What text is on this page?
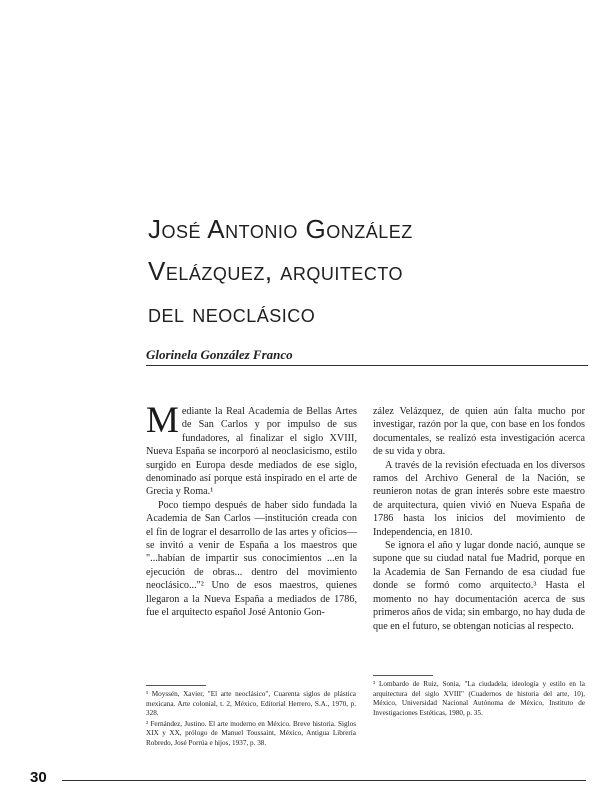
José Antonio González
Velázquez, arquitecto
del neoclásico
Glorinela González Franco

Mediante la Real Academia de Bellas Artes de San Carlos y por impulso de sus fundadores, al finalizar el siglo XVIII, Nueva España se incorporó al neoclasicismo, estilo surgido en Europa desde mediados de ese siglo, denominado así porque está inspirado en el arte de Grecia y Roma.¹

Poco tiempo después de haber sido fundada la Academia de San Carlos —institución creada con el fin de lograr el desarrollo de las artes y oficios— se invitó a venir de España a los maestros que "...habían de impartir sus conocimientos ...en la ejecución de obras... dentro del movimiento neoclásico..."² Uno de esos maestros, quienes llegaron a la Nueva España a mediados de 1786, fue el arquitecto español José Antonio Gon-

zález Velázquez, de quien aún falta mucho por investigar, razón por la que, con base en los fondos documentales, se realizó esta investigación acerca de su vida y obra.

A través de la revisión efectuada en los diversos ramos del Archivo General de la Nación, se reunieron notas de gran interés sobre este maestro de arquitectura, quien vivió en Nueva España de 1786 hasta los inicios del movimiento de Independencia, en 1810.

Se ignora el año y lugar donde nació, aunque se supone que su ciudad natal fue Madrid, porque en la Academia de San Fernando de esa ciudad fue donde se formó como arquitecto.³ Hasta el momento no hay documentación acerca de sus primeros años de vida; sin embargo, no hay duda de que en el futuro, se obtengan noticias al respecto.

¹ Moyssén, Xavier, "El arte neoclásico", Cuarenta siglos de plástica mexicana. Arte colonial, t. 2, México, Editorial Herrero, S.A., 1970, p. 328.

² Fernández, Justino. El arte moderno en México. Breve historia. Siglos XIX y XX, prólogo de Manuel Toussaint, México, Antigua Librería Robredo, José Porrúa e hijos, 1937, p. 38.

³ Lombardo de Ruiz, Sonia, "La ciudadela, ideología y estilo en la arquitectura del siglo XVIII" (Cuadernos de historia del arte, 10), México, Universidad Nacional Autónoma de México, Instituto de Investigaciones Estéticas, 1980, p. 35.

30
